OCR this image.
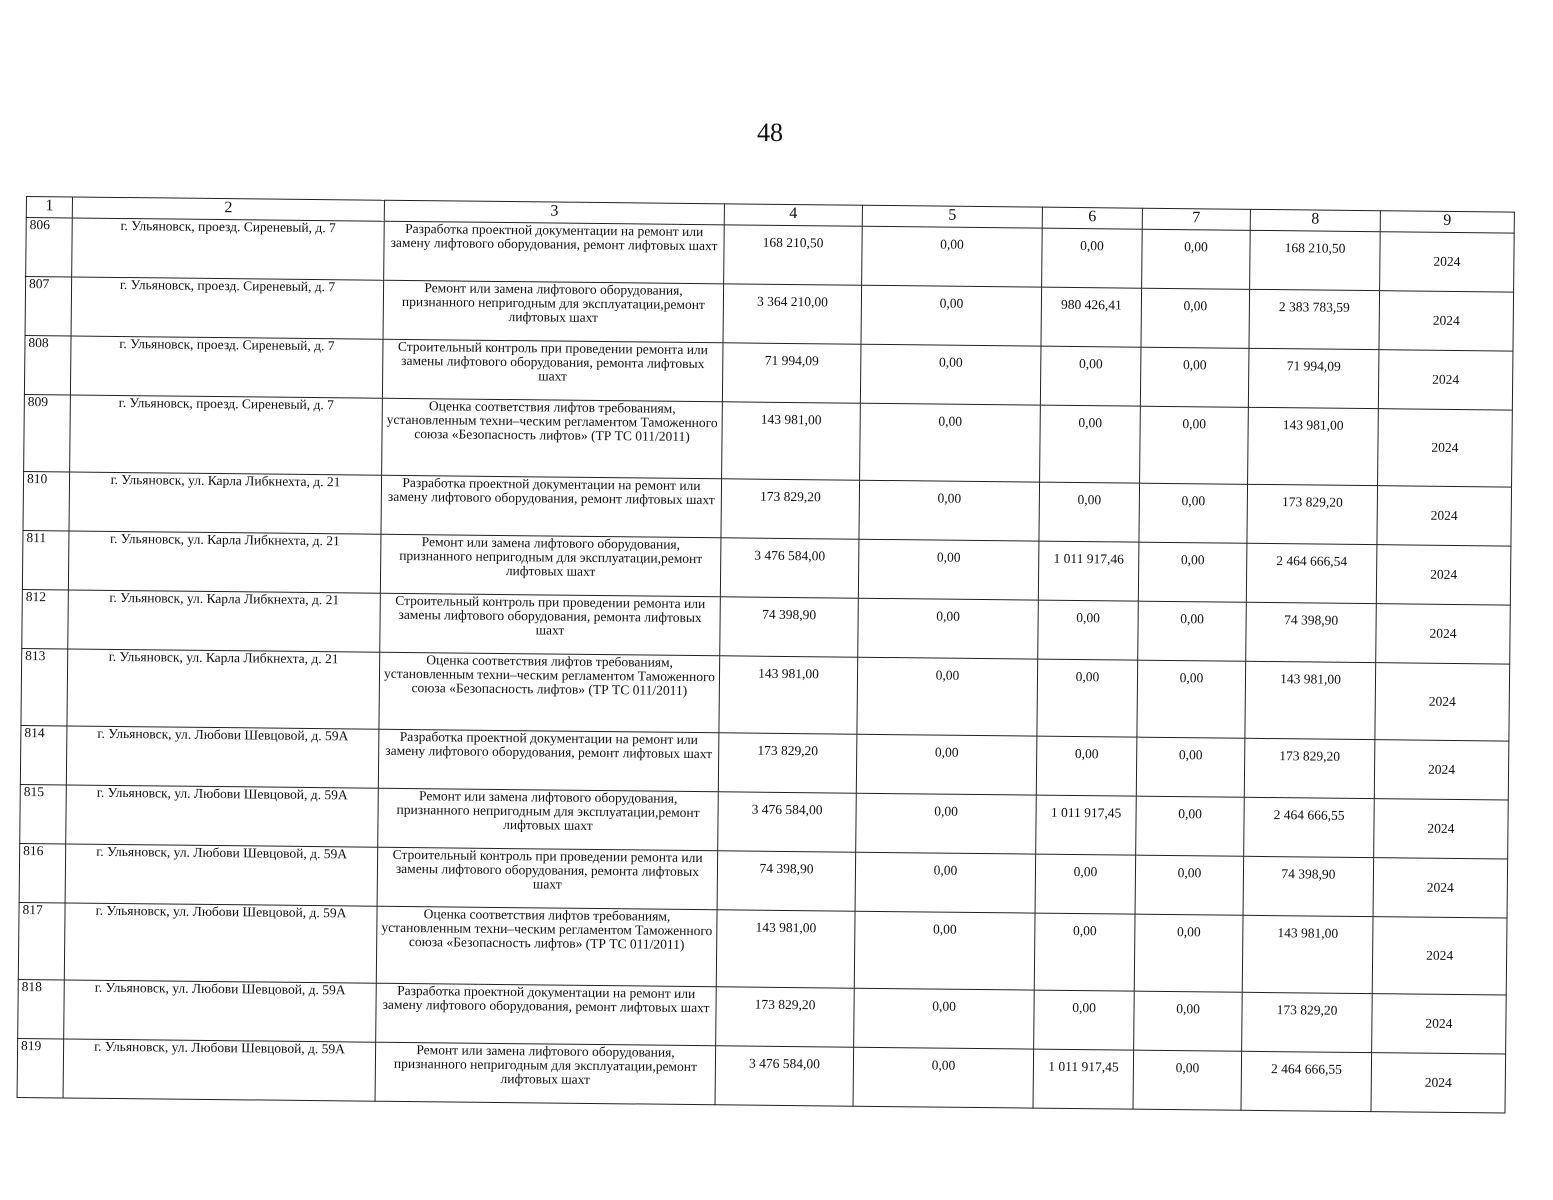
48
1	2	3	4	5	6	7	8	9
806	г. Ульяновск, проезд. Сиреневый, д. 7	Разработка проектной документации на ремонт или замену лифтового оборудования, ремонт лифтовых шахт	168 210,50	0,00	0,00	0,00	168 210,50	2024
807	г. Ульяновск, проезд. Сиреневый, д. 7	Ремонт или замена лифтового оборудования, признанного непригодным для эксплуатации,ремонт лифтовых шахт	3 364 210,00	0,00	980 426,41	0,00	2 383 783,59	2024
808	г. Ульяновск, проезд. Сиреневый, д. 7	Строительный контроль при проведении ремонта или замены лифтового оборудования, ремонта лифтовых шахт	71 994,09	0,00	0,00	0,00	71 994,09	2024
809	г. Ульяновск, проезд. Сиреневый, д. 7	Оценка соответствия лифтов требованиям, установленным техни–ческим регламентом Таможенного союза «Безопасность лифтов» (ТР ТС 011/2011)	143 981,00	0,00	0,00	0,00	143 981,00	2024
810	г. Ульяновск, ул. Карла Либкнехта, д. 21	Разработка проектной документации на ремонт или замену лифтового оборудования, ремонт лифтовых шахт	173 829,20	0,00	0,00	0,00	173 829,20	2024
811	г. Ульяновск, ул. Карла Либкнехта, д. 21	Ремонт или замена лифтового оборудования, признанного непригодным для эксплуатации,ремонт лифтовых шахт	3 476 584,00	0,00	1 011 917,46	0,00	2 464 666,54	2024
812	г. Ульяновск, ул. Карла Либкнехта, д. 21	Строительный контроль при проведении ремонта или замены лифтового оборудования, ремонта лифтовых шахт	74 398,90	0,00	0,00	0,00	74 398,90	2024
813	г. Ульяновск, ул. Карла Либкнехта, д. 21	Оценка соответствия лифтов требованиям, установленным техни–ческим регламентом Таможенного союза «Безопасность лифтов» (ТР ТС 011/2011)	143 981,00	0,00	0,00	0,00	143 981,00	2024
814	г. Ульяновск, ул. Любови Шевцовой, д. 59А	Разработка проектной документации на ремонт или замену лифтового оборудования, ремонт лифтовых шахт	173 829,20	0,00	0,00	0,00	173 829,20	2024
815	г. Ульяновск, ул. Любови Шевцовой, д. 59А	Ремонт или замена лифтового оборудования, признанного непригодным для эксплуатации,ремонт лифтовых шахт	3 476 584,00	0,00	1 011 917,45	0,00	2 464 666,55	2024
816	г. Ульяновск, ул. Любови Шевцовой, д. 59А	Строительный контроль при проведении ремонта или замены лифтового оборудования, ремонта лифтовых шахт	74 398,90	0,00	0,00	0,00	74 398,90	2024
817	г. Ульяновск, ул. Любови Шевцовой, д. 59А	Оценка соответствия лифтов требованиям, установленным техни–ческим регламентом Таможенного союза «Безопасность лифтов» (ТР ТС 011/2011)	143 981,00	0,00	0,00	0,00	143 981,00	2024
818	г. Ульяновск, ул. Любови Шевцовой, д. 59А	Разработка проектной документации на ремонт или замену лифтового оборудования, ремонт лифтовых шахт	173 829,20	0,00	0,00	0,00	173 829,20	2024
819	г. Ульяновск, ул. Любови Шевцовой, д. 59А	Ремонт или замена лифтового оборудования, признанного непригодным для эксплуатации,ремонт лифтовых шахт	3 476 584,00	0,00	1 011 917,45	0,00	2 464 666,55	2024
